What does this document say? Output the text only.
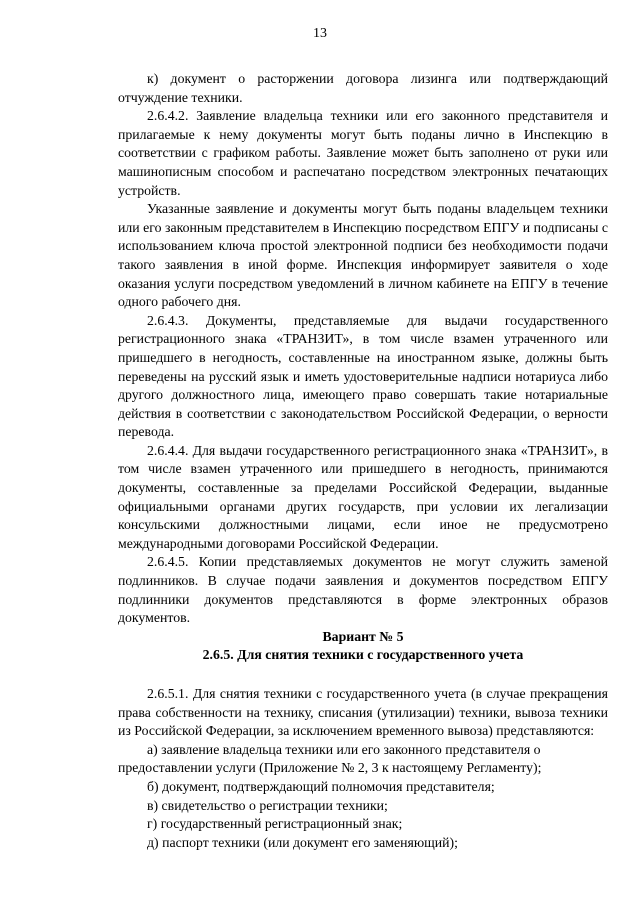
13

к) документ о расторжении договора лизинга или подтверждающий отчуждение техники.

2.6.4.2. Заявление владельца техники или его законного представителя и прилагаемые к нему документы могут быть поданы лично в Инспекцию в соответствии с графиком работы. Заявление может быть заполнено от руки или машинописным способом и распечатано посредством электронных печатающих устройств.

Указанные заявление и документы могут быть поданы владельцем техники или его законным представителем в Инспекцию посредством ЕПГУ и подписаны с использованием ключа простой электронной подписи без необходимости подачи такого заявления в иной форме. Инспекция информирует заявителя о ходе оказания услуги посредством уведомлений в личном кабинете на ЕПГУ в течение одного рабочего дня.

2.6.4.3. Документы, представляемые для выдачи государственного регистрационного знака «ТРАНЗИТ», в том числе взамен утраченного или пришедшего в негодность, составленные на иностранном языке, должны быть переведены на русский язык и иметь удостоверительные надписи нотариуса либо другого должностного лица, имеющего право совершать такие нотариальные действия в соответствии с законодательством Российской Федерации, о верности перевода.

2.6.4.4. Для выдачи государственного регистрационного знака «ТРАНЗИТ», в том числе взамен утраченного или пришедшего в негодность, принимаются документы, составленные за пределами Российской Федерации, выданные официальными органами других государств, при условии их легализации консульскими должностными лицами, если иное не предусмотрено международными договорами Российской Федерации.

2.6.4.5. Копии представляемых документов не могут служить заменой подлинников. В случае подачи заявления и документов посредством ЕПГУ подлинники документов представляются в форме электронных образов документов.

Вариант № 5
2.6.5. Для снятия техники с государственного учета

2.6.5.1. Для снятия техники с государственного учета (в случае прекращения права собственности на технику, списания (утилизации) техники, вывоза техники из Российской Федерации, за исключением временного вывоза) представляются:

а) заявление владельца техники или его законного представителя о предоставлении услуги (Приложение № 2, 3 к настоящему Регламенту);

б) документ, подтверждающий полномочия представителя;

в) свидетельство о регистрации техники;

г) государственный регистрационный знак;

д) паспорт техники (или документ его заменяющий);
